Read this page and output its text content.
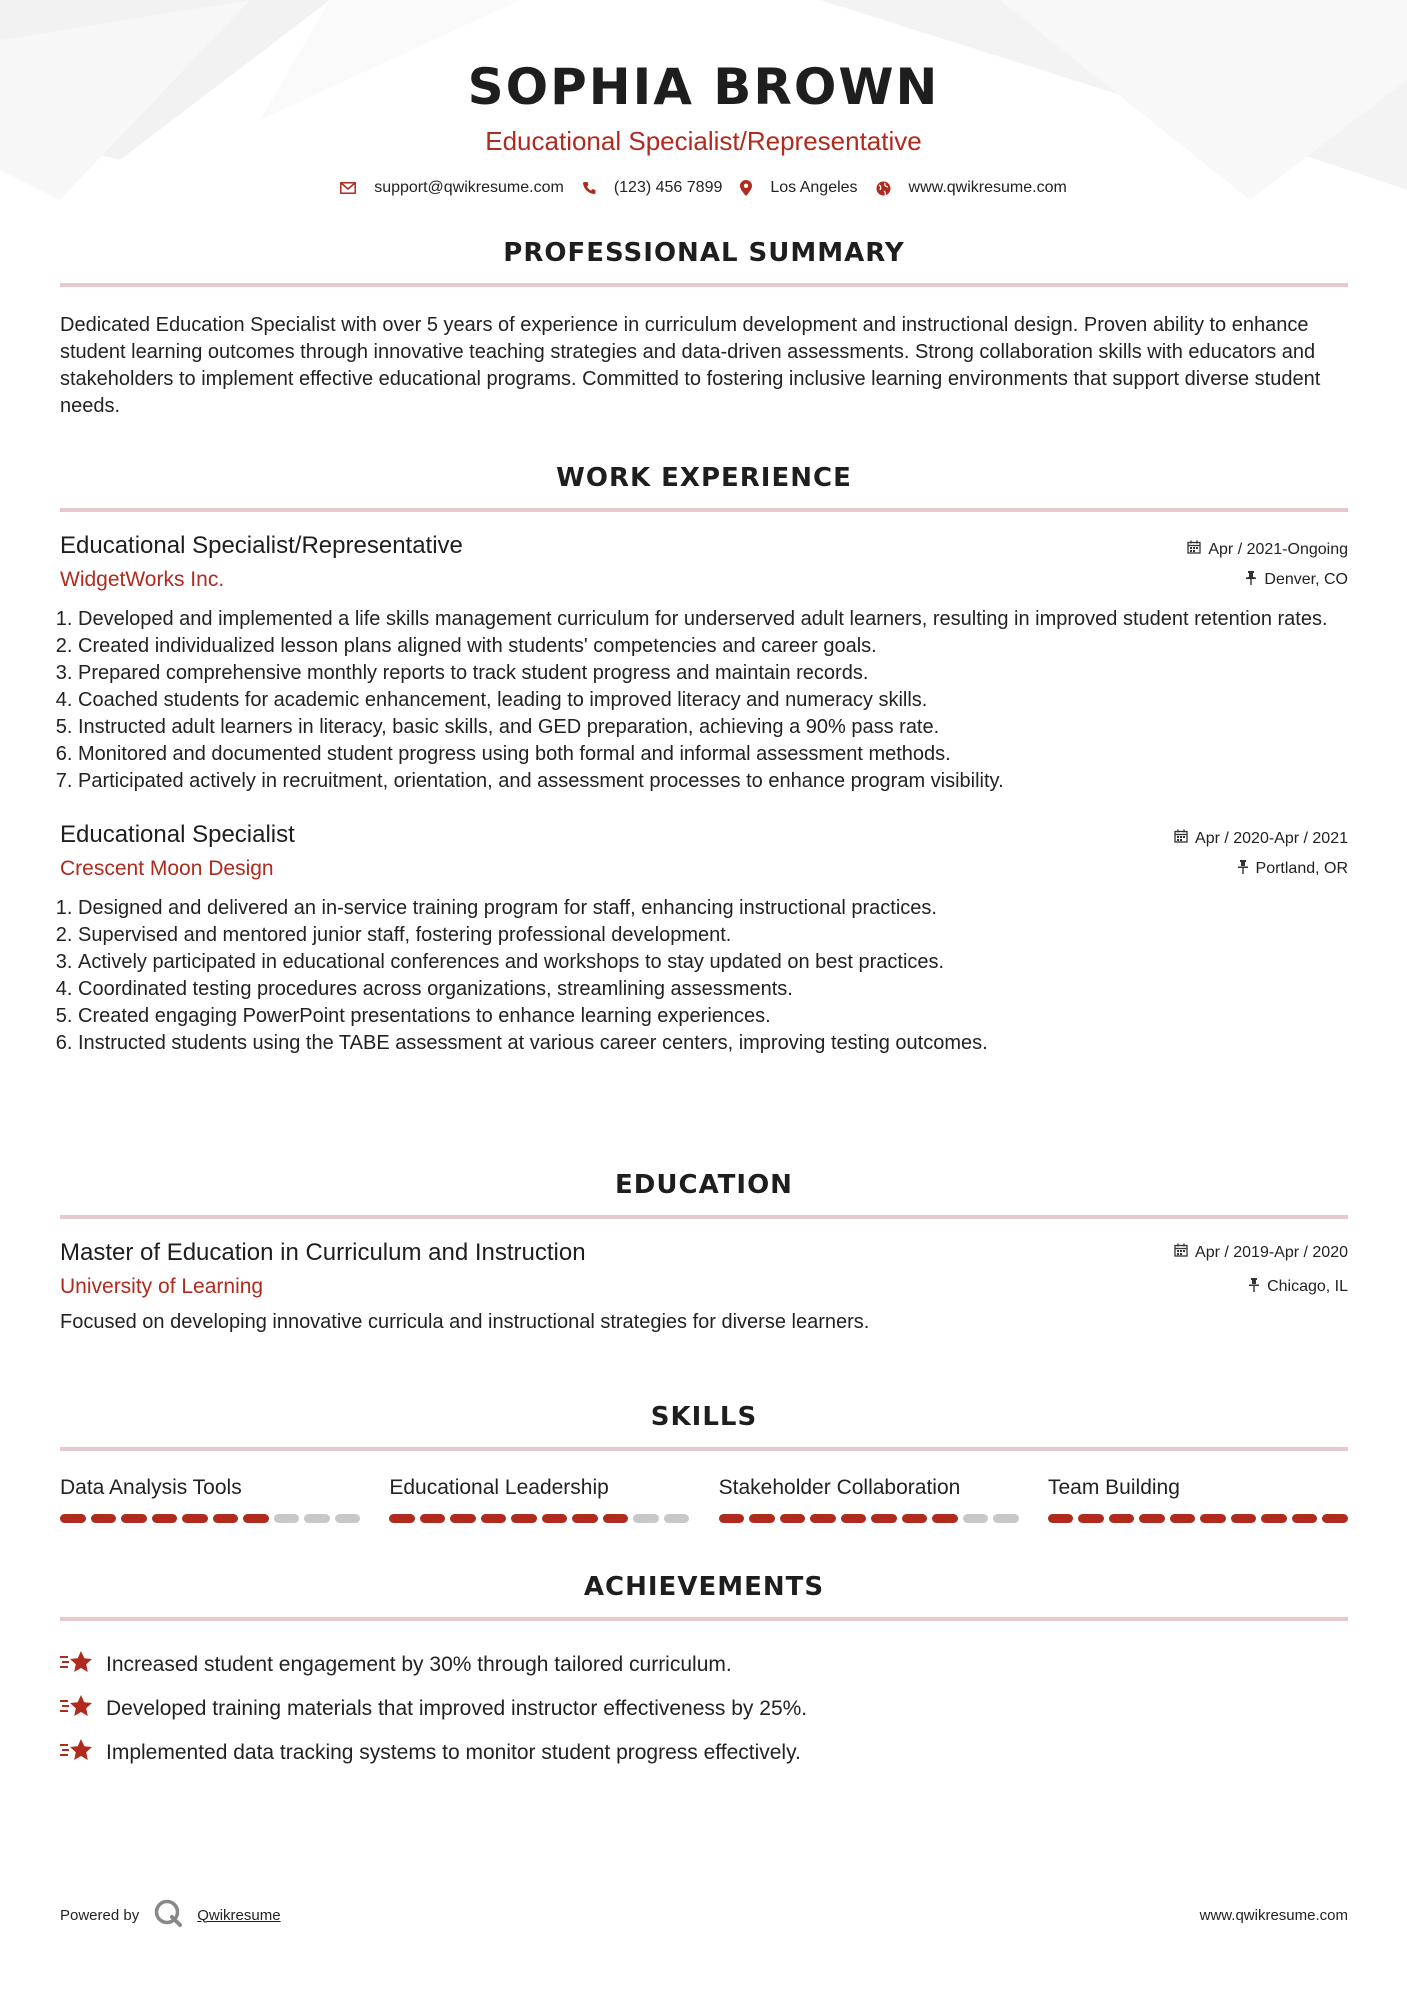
SOPHIA BROWN
Educational Specialist/Representative
support@qwikresume.com	(123) 456 7899	Los Angeles	www.qwikresume.com
PROFESSIONAL SUMMARY

Dedicated Education Specialist with over 5 years of experience in curriculum development and instructional design. Proven ability to enhance student learning outcomes through innovative teaching strategies and data-driven assessments. Strong collaboration skills with educators and stakeholders to implement effective educational programs. Committed to fostering inclusive learning environments that support diverse student needs.

WORK EXPERIENCE
Educational Specialist/Representative	Apr / 2021-Ongoing
WidgetWorks Inc.	Denver, CO
1. Developed and implemented a life skills management curriculum for underserved adult learners, resulting in improved student retention rates.
2. Created individualized lesson plans aligned with students' competencies and career goals.
3. Prepared comprehensive monthly reports to track student progress and maintain records.
4. Coached students for academic enhancement, leading to improved literacy and numeracy skills.
5. Instructed adult learners in literacy, basic skills, and GED preparation, achieving a 90% pass rate.
6. Monitored and documented student progress using both formal and informal assessment methods.
7. Participated actively in recruitment, orientation, and assessment processes to enhance program visibility.
Educational Specialist	Apr / 2020-Apr / 2021
Crescent Moon Design	Portland, OR
1. Designed and delivered an in-service training program for staff, enhancing instructional practices.
2. Supervised and mentored junior staff, fostering professional development.
3. Actively participated in educational conferences and workshops to stay updated on best practices.
4. Coordinated testing procedures across organizations, streamlining assessments.
5. Created engaging PowerPoint presentations to enhance learning experiences.
6. Instructed students using the TABE assessment at various career centers, improving testing outcomes.
EDUCATION
Master of Education in Curriculum and Instruction	Apr / 2019-Apr / 2020
University of Learning	Chicago, IL

Focused on developing innovative curricula and instructional strategies for diverse learners.

SKILLS
Data Analysis Tools	Educational Leadership	Stakeholder Collaboration	Team Building
ACHIEVEMENTS
Increased student engagement by 30% through tailored curriculum.
Developed training materials that improved instructor effectiveness by 25%.
Implemented data tracking systems to monitor student progress effectively.
Powered by	Qwikresume	www.qwikresume.com
